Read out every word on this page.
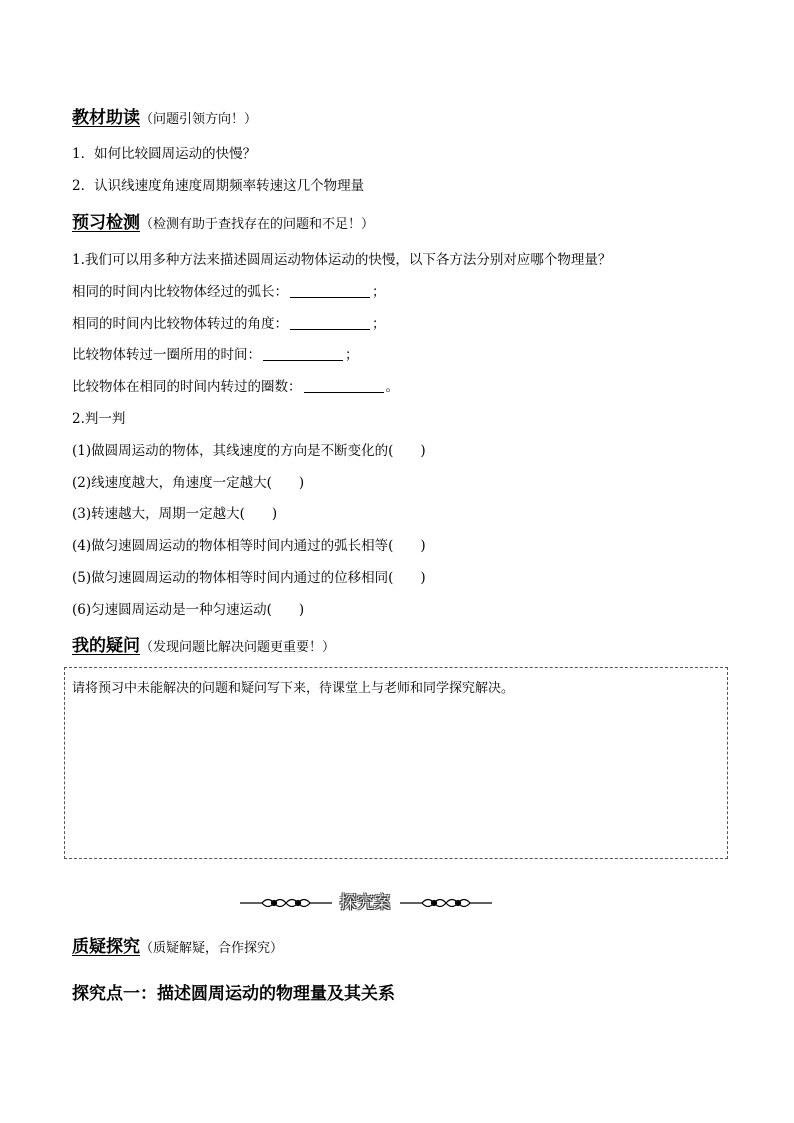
教材助读（问题引领方向！）
1．如何比较圆周运动的快慢？
2．认识线速度角速度周期频率转速这几个物理量
预习检测（检测有助于查找存在的问题和不足！）
1.我们可以用多种方法来描述圆周运动物体运动的快慢，以下各方法分别对应哪个物理量？
相同的时间内比较物体经过的弧长：	；
相同的时间内比较物体转过的角度：	；
比较物体转过一圈所用的时间：	；
比较物体在相同的时间内转过的圈数：	。
2.判一判
(1)做圆周运动的物体，其线速度的方向是不断变化的(　　)
(2)线速度越大，角速度一定越大(　　)
(3)转速越大，周期一定越大(　　)
(4)做匀速圆周运动的物体相等时间内通过的弧长相等(　　)
(5)做匀速圆周运动的物体相等时间内通过的位移相同(　　)
(6)匀速圆周运动是一种匀速运动(　　)
我的疑问（发现问题比解决问题更重要！）
请将预习中未能解决的问题和疑问写下来，待课堂上与老师和同学探究解决。
探究案
质疑探究（质疑解疑，合作探究）
探究点一：描述圆周运动的物理量及其关系
